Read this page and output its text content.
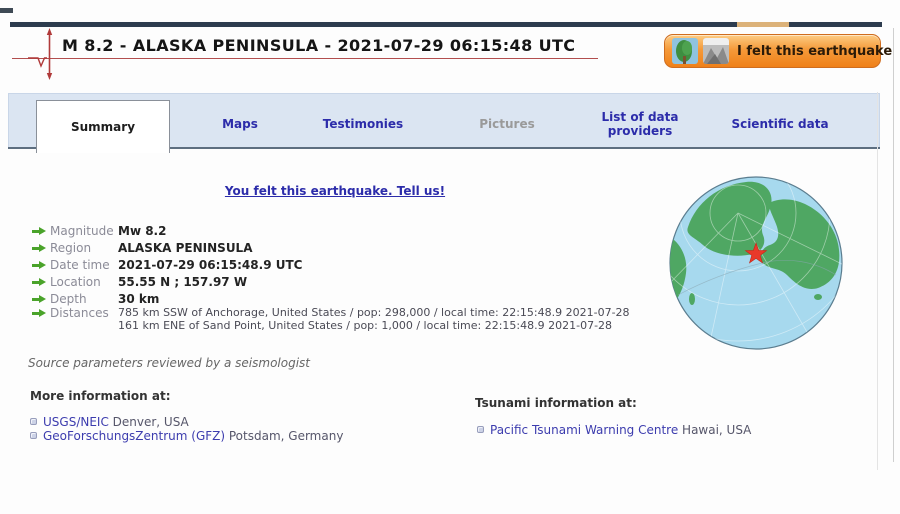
M 8.2 - ALASKA PENINSULA - 2021-07-29 06:15:48 UTC	I felt this earthquake
Summary	Maps	Testimonies	Pictures
List of data providers
Scientific data
You felt this earthquake. Tell us!
Magnitude Mw 8.2
Region ALASKA PENINSULA
Date time 2021-07-29 06:15:48.9 UTC
Location 55.55 N ; 157.97 W
Depth	30 km
Distances 785 km SSW of Anchorage, United States / pop: 298,000 / local time: 22:15:48.9 2021-07-28
161 km ENE of Sand Point, United States / pop: 1,000 / local time: 22:15:48.9 2021-07-28
Source parameters reviewed by a seismologist
More information at:
USGS/NEIC Denver, USA
GeoForschungsZentrum (GFZ) Potsdam, Germany
Tsunami information at:
Pacific Tsunami Warning Centre Hawai, USA
